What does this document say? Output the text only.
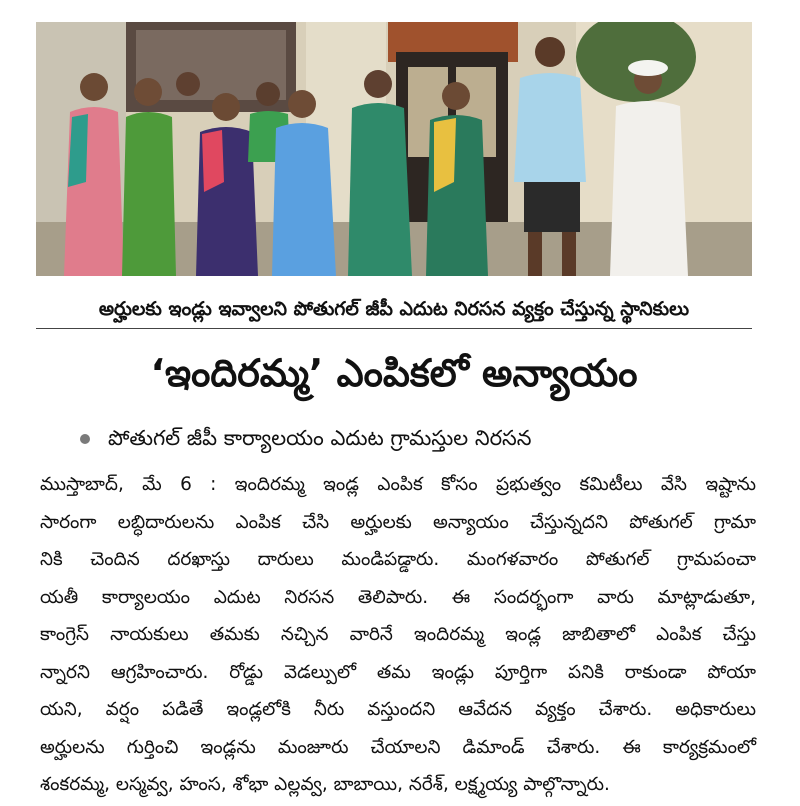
అర్హులకు ఇండ్లు ఇవ్వాలని పోతుగల్ జీపీ ఎదుట నిరసన వ్యక్తం చేస్తున్న స్థానికులు
‘ఇందిరమ్మ’ ఎంపికలో అన్యాయం
పోతుగల్ జీపీ కార్యాలయం ఎదుట గ్రామస్తుల నిరసన
ముస్తాబాద్, మే 6 : ఇందిరమ్మ ఇండ్ల ఎంపిక కోసం ప్రభుత్వం కమిటీలు వేసి ఇష్టాను
సారంగా లబ్ధిదారులను ఎంపిక చేసి అర్హులకు అన్యాయం చేస్తున్నదని పోతుగల్ గ్రామా
నికి చెందిన దరఖాస్తు దారులు మండిపడ్డారు. మంగళవారం పోతుగల్ గ్రామపంచా
యతీ కార్యాలయం ఎదుట నిరసన తెలిపారు. ఈ సందర్భంగా వారు మాట్లాడుతూ,
కాంగ్రెస్ నాయకులు తమకు నచ్చిన వారినే ఇందిరమ్మ ఇండ్ల జాబితాలో ఎంపిక చేస్తు
న్నారని ఆగ్రహించారు. రోడ్డు వెడల్పులో తమ ఇండ్లు పూర్తిగా పనికి రాకుండా పోయా
యని, వర్షం పడితే ఇండ్లలోకి నీరు వస్తుందని ఆవేదన వ్యక్తం చేశారు. అధికారులు
అర్హులను గుర్తించి ఇండ్లను మంజూరు చేయాలని డిమాండ్ చేశారు. ఈ కార్యక్రమంలో
శంకరమ్మ, లస్మవ్వ, హంస, శోభా ఎల్లవ్వ, బాబాయి, నరేశ్, లక్ష్మయ్య పాల్గొన్నారు.
